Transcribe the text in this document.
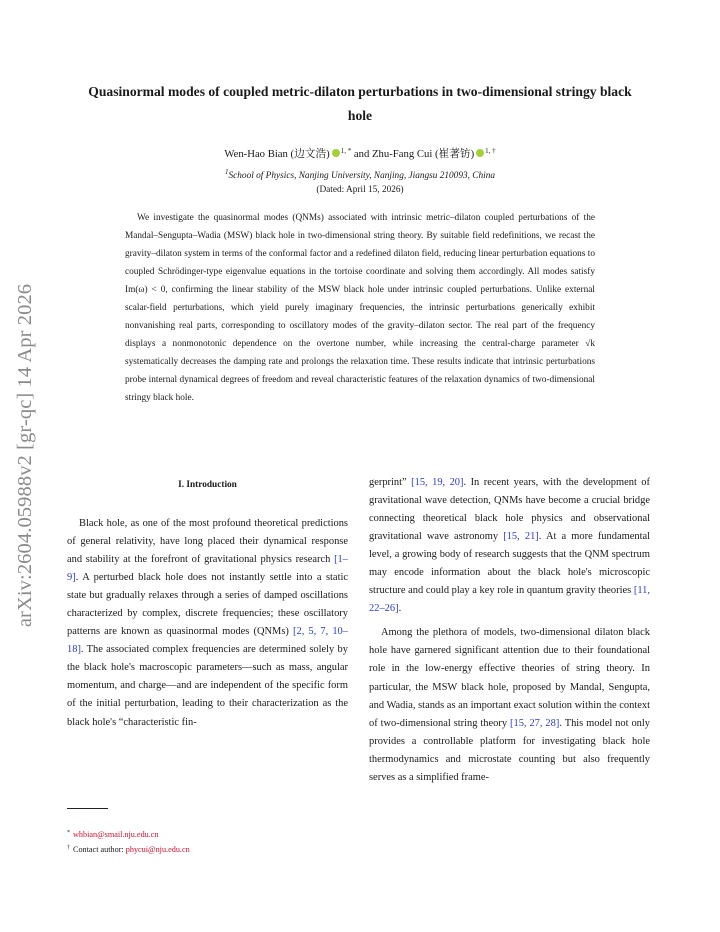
arXiv:2604.05988v2 [gr-qc] 14 Apr 2026
Quasinormal modes of coupled metric-dilaton perturbations in two-dimensional stringy black hole
Wen-Hao Bian (边文浩) $^{1, *}$ and Zhu-Fang Cui (崔著钫) $^{1, \dagger}$
$^1$School of Physics, Nanjing University, Nanjing, Jiangsu 210093, China
(Dated: April 15, 2026)

We investigate the quasinormal modes (QNMs) associated with intrinsic metric–dilaton coupled perturbations of the Mandal–Sengupta–Wadia (MSW) black hole in two-dimensional string theory. By suitable field redefinitions, we recast the gravity–dilaton system in terms of the conformal factor and a redefined dilaton field, reducing linear perturbation equations to coupled Schrödinger-type eigenvalue equations in the tortoise coordinate and solving them accordingly. All modes satisfy Im(ω) < 0, confirming the linear stability of the MSW black hole under intrinsic coupled perturbations. Unlike external scalar-field perturbations, which yield purely imaginary frequencies, the intrinsic perturbations generically exhibit nonvanishing real parts, corresponding to oscillatory modes of the gravity–dilaton sector. The real part of the frequency displays a nonmonotonic dependence on the overtone number, while increasing the central-charge parameter √k systematically decreases the damping rate and prolongs the relaxation time. These results indicate that intrinsic perturbations probe internal dynamical degrees of freedom and reveal characteristic features of the relaxation dynamics of two-dimensional stringy black hole.

I. Introduction

Black hole, as one of the most profound theoretical predictions of general relativity, have long placed their dynamical response and stability at the forefront of gravitational physics research [1–9]. A perturbed black hole does not instantly settle into a static state but gradually relaxes through a series of damped oscillations characterized by complex, discrete frequencies; these oscillatory patterns are known as quasinormal modes (QNMs) [2, 5, 7, 10–18]. The associated complex frequencies are determined solely by the black hole's macroscopic parameters—such as mass, angular momentum, and charge—and are independent of the specific form of the initial perturbation, leading to their characterization as the black hole's “characteristic fin-

gerprint” [15, 19, 20]. In recent years, with the development of gravitational wave detection, QNMs have become a crucial bridge connecting theoretical black hole physics and observational gravitational wave astronomy [15, 21]. At a more fundamental level, a growing body of research suggests that the QNM spectrum may encode information about the black hole's microscopic structure and could play a key role in quantum gravity theories [11, 22–26].

Among the plethora of models, two-dimensional dilaton black hole have garnered significant attention due to their foundational role in the low-energy effective theories of string theory. In particular, the MSW black hole, proposed by Mandal, Sengupta, and Wadia, stands as an important exact solution within the context of two-dimensional string theory [15, 27, 28]. This model not only provides a controllable platform for investigating black hole thermodynamics and microstate counting but also frequently serves as a simplified frame-

* whbian@smail.nju.edu.cn
† Contact author: phycui@nju.edu.cn
